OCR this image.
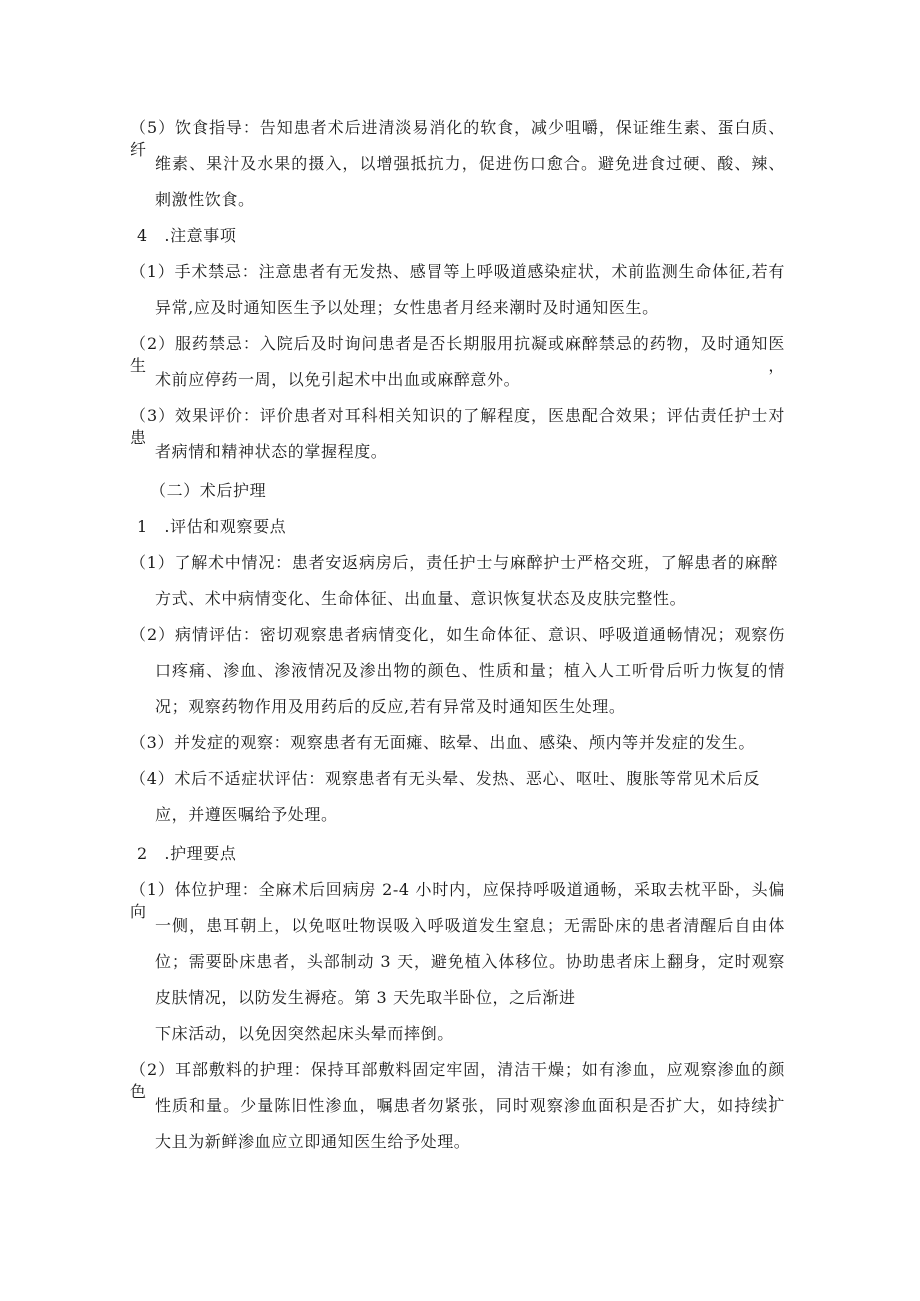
（5）饮食指导：告知患者术后进清淡易消化的软食，减少咀嚼，保证维生素、蛋白质、纤
维素、果汁及水果的摄入，以增强抵抗力，促进伤口愈合。避免进食过硬、酸、辣、
刺激性饮食。
4　.注意事项
（1）手术禁忌：注意患者有无发热、感冒等上呼吸道感染症状，术前监测生命体征,若有
异常,应及时通知医生予以处理；女性患者月经来潮时及时通知医生。
（2）服药禁忌：入院后及时询问患者是否长期服用抗凝或麻醉禁忌的药物，及时通知医生，
术前应停药一周，以免引起术中出血或麻醉意外。
（3）效果评价：评价患者对耳科相关知识的了解程度，医患配合效果；评估责任护士对患
者病情和精神状态的掌握程度。
（二）术后护理
1　.评估和观察要点
（1）了解术中情况：患者安返病房后，责任护士与麻醉护士严格交班，了解患者的麻醉
方式、术中病情变化、生命体征、出血量、意识恢复状态及皮肤完整性。
（2）病情评估：密切观察患者病情变化，如生命体征、意识、呼吸道通畅情况；观察伤
口疼痛、渗血、渗液情况及渗出物的颜色、性质和量；植入人工听骨后听力恢复的情
况；观察药物作用及用药后的反应,若有异常及时通知医生处理。
（3）并发症的观察：观察患者有无面瘫、眩晕、出血、感染、颅内等并发症的发生。
（4）术后不适症状评估：观察患者有无头晕、发热、恶心、呕吐、腹胀等常见术后反
应，并遵医嘱给予处理。
2　.护理要点
（1）体位护理：全麻术后回病房 2-4 小时内，应保持呼吸道通畅，采取去枕平卧，头偏向
一侧，患耳朝上，以免呕吐物误吸入呼吸道发生窒息；无需卧床的患者清醒后自由体
位；需要卧床患者，头部制动 3 天，避免植入体移位。协助患者床上翻身，定时观察
皮肤情况，以防发生褥疮。第 3 天先取半卧位，之后渐进
下床活动，以免因突然起床头晕而摔倒。
（2）耳部敷料的护理：保持耳部敷料固定牢固，清洁干燥；如有渗血，应观察渗血的颜色、
性质和量。少量陈旧性渗血，嘱患者勿紧张，同时观察渗血面积是否扩大，如持续扩
大且为新鲜渗血应立即通知医生给予处理。
